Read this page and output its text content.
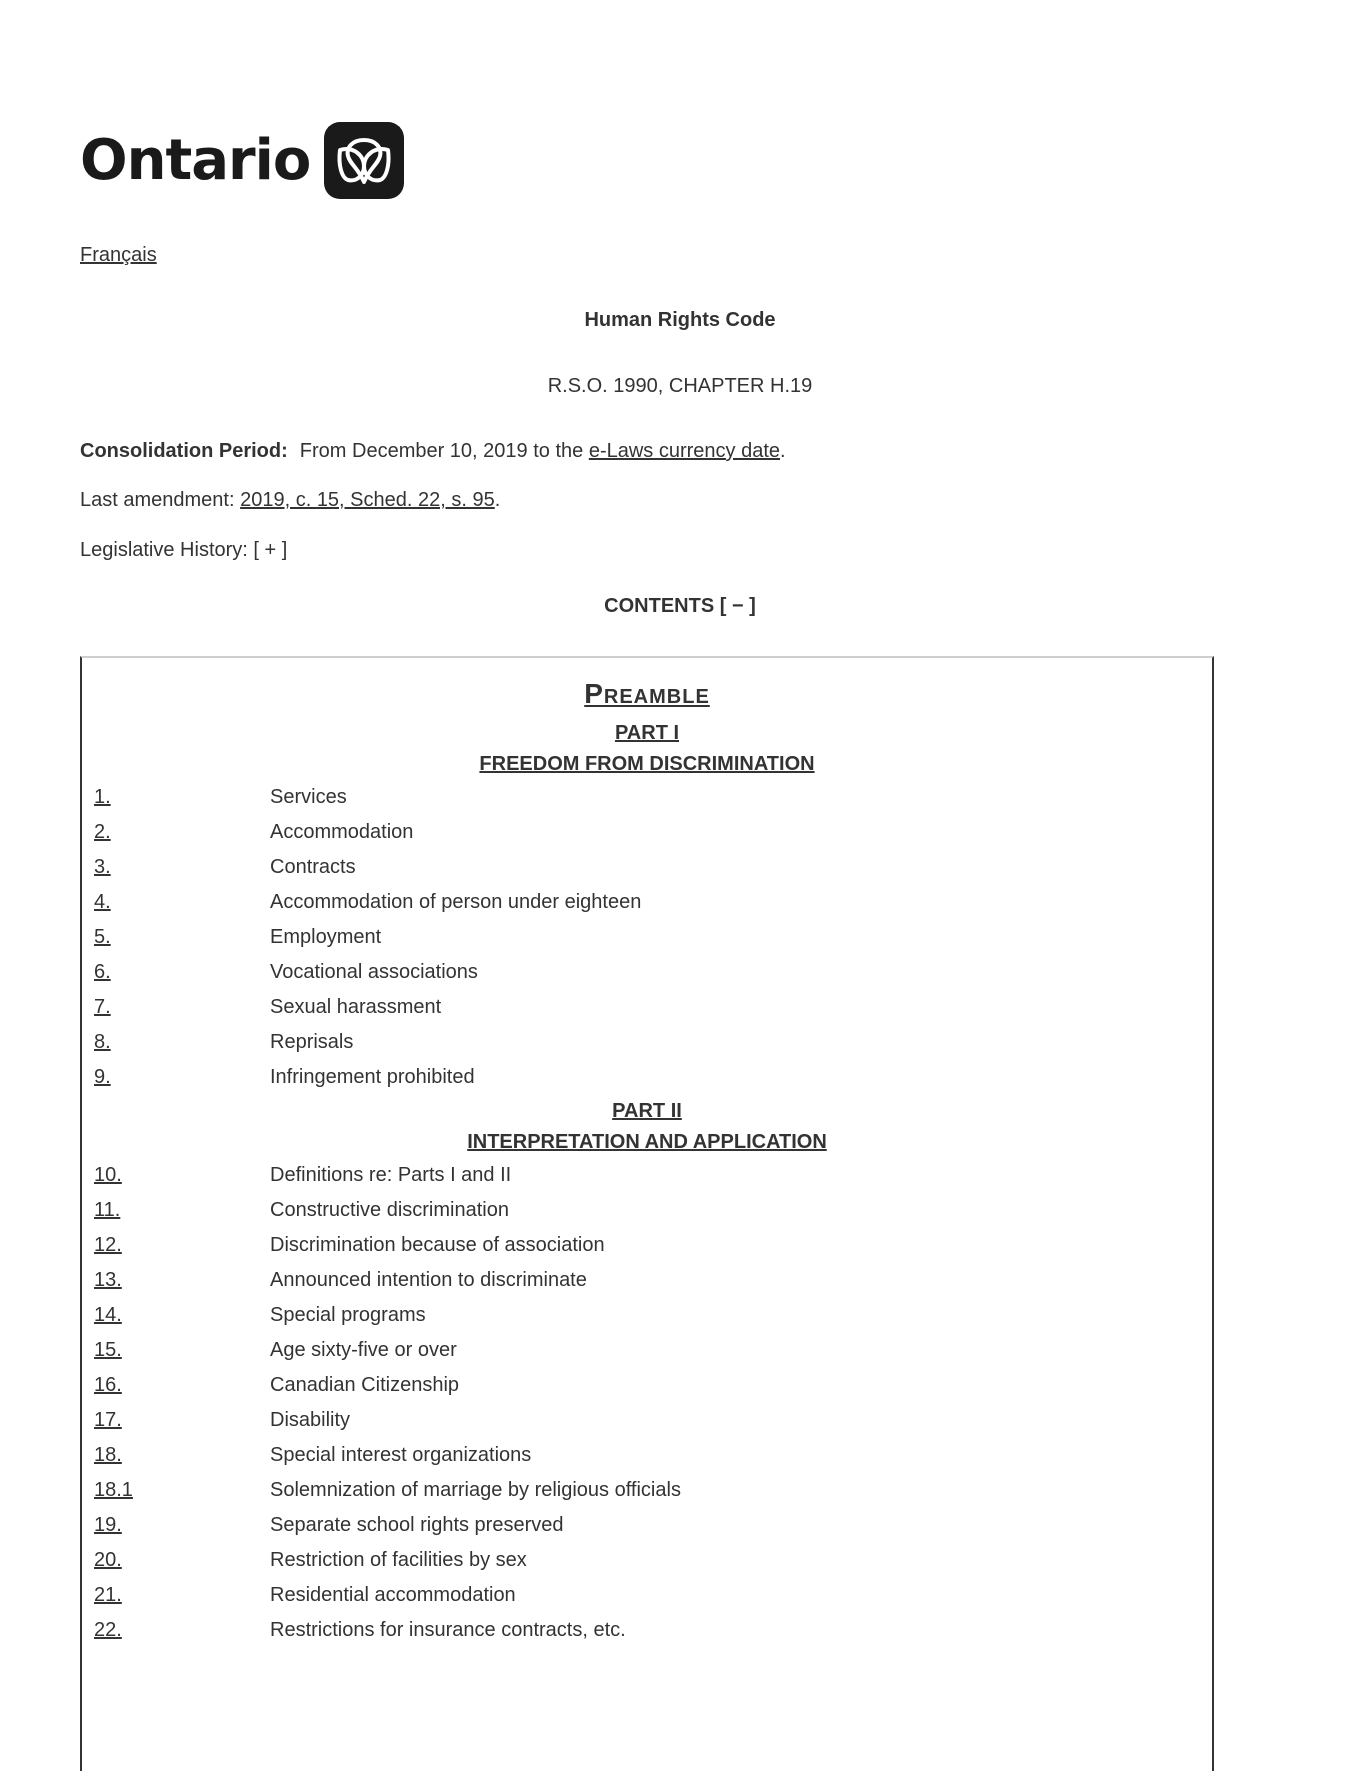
Ontario
Français
Human Rights Code
R.S.O. 1990, CHAPTER H.19
Consolidation Period: From December 10, 2019 to the e-Laws currency date.
Last amendment: 2019, c. 15, Sched. 22, s. 95.
Legislative History: [ + ]
CONTENTS [ − ]
Preamble
PART I
FREEDOM FROM DISCRIMINATION
1.	Services
2.	Accommodation
3.	Contracts
4.	Accommodation of person under eighteen
5.	Employment
6.	Vocational associations
7.	Sexual harassment
8.	Reprisals
9.	Infringement prohibited
PART II
INTERPRETATION AND APPLICATION
10.	Definitions re: Parts I and II
11.	Constructive discrimination
12.	Discrimination because of association
13.	Announced intention to discriminate
14.	Special programs
15.	Age sixty-five or over
16.	Canadian Citizenship
17.	Disability
18.	Special interest organizations
18.1	Solemnization of marriage by religious officials
19.	Separate school rights preserved
20.	Restriction of facilities by sex
21.	Residential accommodation
22.	Restrictions for insurance contracts, etc.
